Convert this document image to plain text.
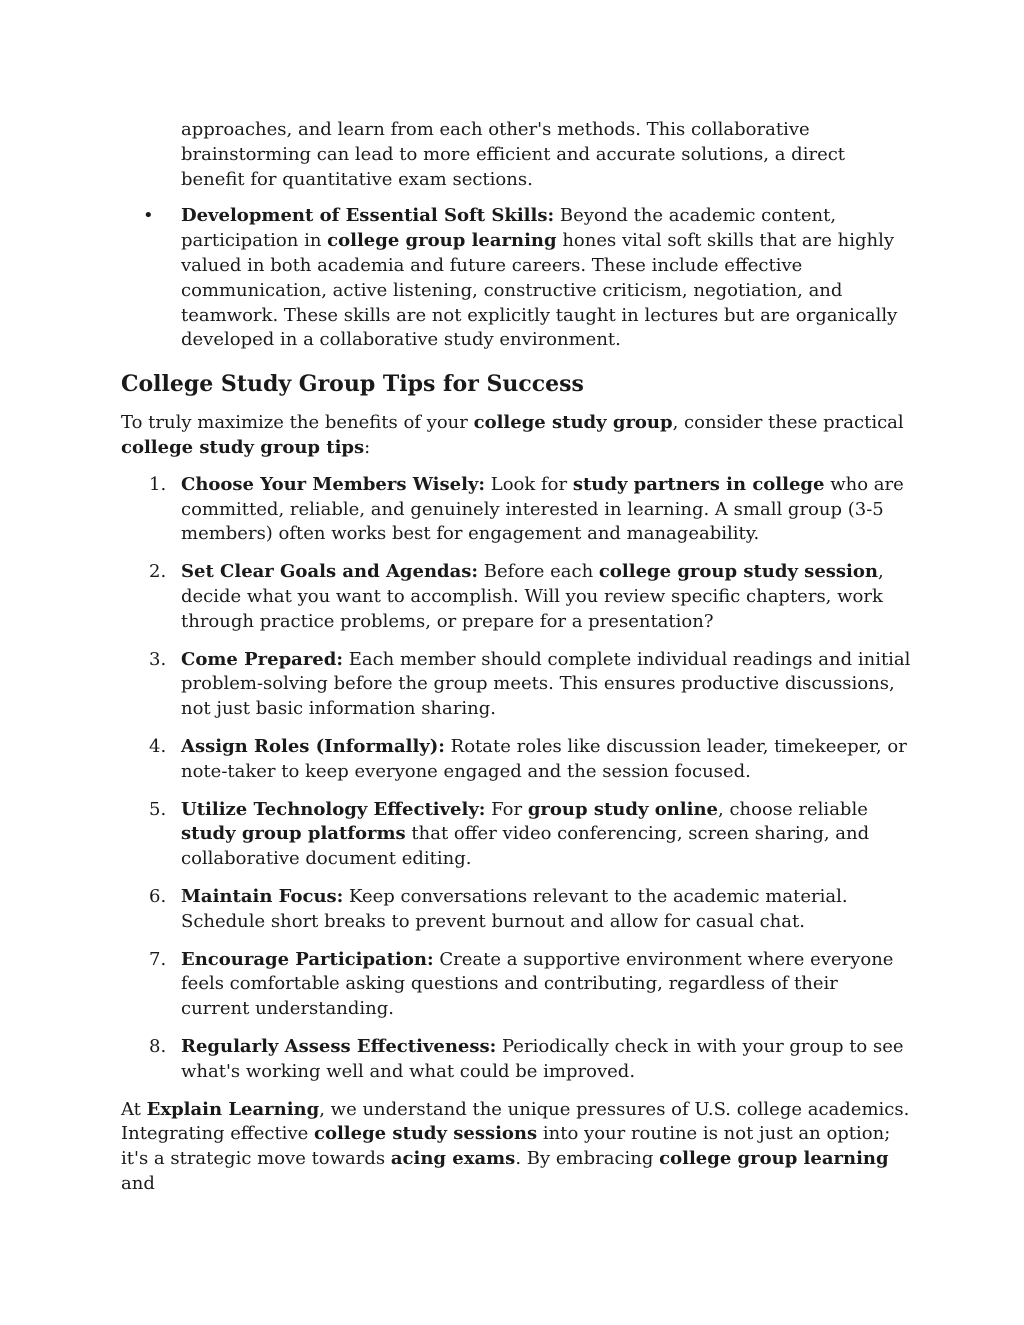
approaches, and learn from each other's methods. This collaborative brainstorming can lead to more efficient and accurate solutions, a direct benefit for quantitative exam sections.

• Development of Essential Soft Skills: Beyond the academic content, participation in college group learning hones vital soft skills that are highly valued in both academia and future careers. These include effective communication, active listening, constructive criticism, negotiation, and teamwork. These skills are not explicitly taught in lectures but are organically developed in a collaborative study environment.
College Study Group Tips for Success

To truly maximize the benefits of your college study group, consider these practical college study group tips:

1. Choose Your Members Wisely: Look for study partners in college who are committed, reliable, and genuinely interested in learning. A small group (3-5 members) often works best for engagement and manageability.
2. Set Clear Goals and Agendas: Before each college group study session, decide what you want to accomplish. Will you review specific chapters, work through practice problems, or prepare for a presentation?
3. Come Prepared: Each member should complete individual readings and initial problem-solving before the group meets. This ensures productive discussions, not just basic information sharing.
4. Assign Roles (Informally): Rotate roles like discussion leader, timekeeper, or note-taker to keep everyone engaged and the session focused.
5. Utilize Technology Effectively: For group study online, choose reliable study group platforms that offer video conferencing, screen sharing, and collaborative document editing.
6. Maintain Focus: Keep conversations relevant to the academic material. Schedule short breaks to prevent burnout and allow for casual chat.
7. Encourage Participation: Create a supportive environment where everyone feels comfortable asking questions and contributing, regardless of their current understanding.
8. Regularly Assess Effectiveness: Periodically check in with your group to see what's working well and what could be improved.

At Explain Learning, we understand the unique pressures of U.S. college academics. Integrating effective college study sessions into your routine is not just an option; it's a strategic move towards acing exams. By embracing college group learning and
